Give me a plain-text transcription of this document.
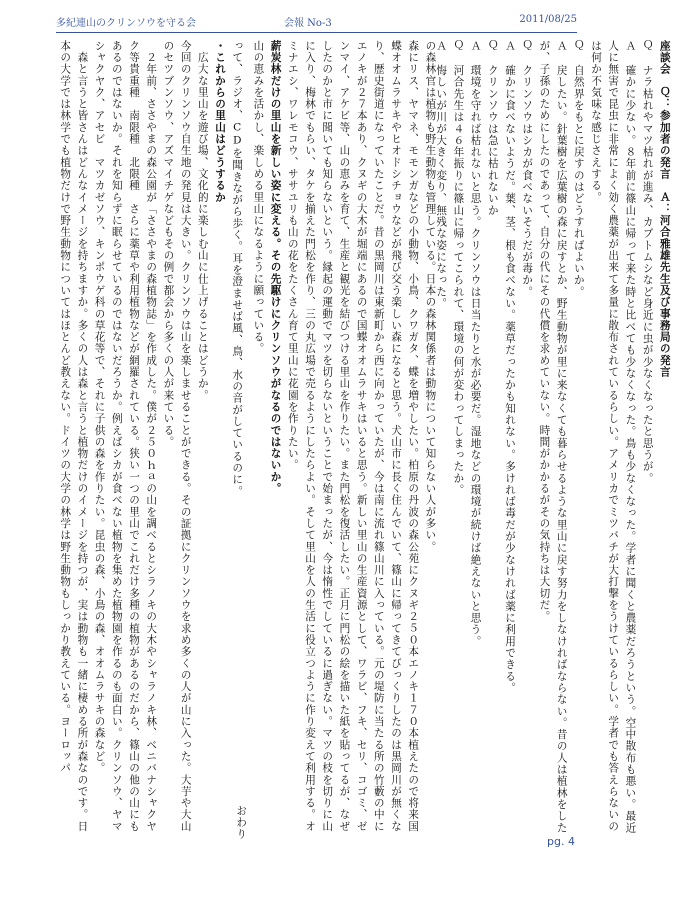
多紀連山のクリンソウを守る会	会報 No-3	2011/08/25

座談会　Ｑ：参加者の発言　Ａ：河合雅雄先生及び事務局の発言

Ｑ ナラ枯れやマツ枯れが進み、カブトムシなど身近に虫が少なくなったと思うが。

Ａ 確かに少ない。８年前に篠山に帰って来た時と比べても少なくなった。鳥も少なくなった。学者に聞くと農薬だろうという。空中散布も悪い。最近人に無害で昆虫に非常によく効く農薬が出来て多量に散布されているらしい。アメリカでミツバチが大打撃をうけているらしい。学者でも答えらないのは何か不気味な感じさえする。

Ｑ 自然界をもとに戻すのはどうすればよいか。

Ａ 戻したい。針葉樹を広葉樹の森に戻すとか、野生動物が里に来なくても暮らせるような里山に戻す努力をしなければならない。昔の人は植林をしたが、子孫のためにしたのであって、自分の代にその代償を求めていない。時間がかかるがその気持ちは大切だ。

Ｑ クリンソウはシカが食べないそうだが毒か。

Ａ 確かに食べないようだ。葉、茎、根も食べない。薬草だったかも知れない。多ければ毒だが少なければ薬に利用できる。

Ｑ クリンソウは急に枯れないか

Ａ 環境を守れば枯れないと思う。クリンソウは日当たりと水が必要だ。湿地などの環境が続けば絶えないと思う。

Ｑ 河合先生は４６年振りに篠山に帰ってこられて、環境の何が変わってしまったか。

Ａ 悔しいが川が大きく変り、無残な姿になった。

の森林官は植物も野生動物も管理している。日本の森林関係者は動物について知らない人が多い。

森にリス、ヤマネ、モモンガなどの小動物、小鳥、クワガタ、蝶を増やしたい。柏原の丹波の森公苑にクヌギ２５０本エノキ１７０本植えたので将来国蝶オオムラサキやヒオドシチョウなどが飛び交う楽しい森になると思う。犬山市に長く住んでいて、篠山に帰ってきてびっくりしたのは黒岡川が無くなり、歴史街道になっていたことだ。昔の黒岡川は東新町から西に向かっていたが、今は南に流れ篠山川に入っている。元の堤防に当たる所の竹藪の中にエノキが２７本あり、クヌギの大木が堀端にあるので国蝶オオムラサキはいると思う。新しい里山の生産資源として、ワラビ、フキ、セリ、コゴミ、ゼンマイ、アケビ等、山の恵みを育て、生産と観光を結びつける里山を作りたい。また門松を復活したい。正月に門松の絵を描いた紙を貼ってるが、なぜしたのかと市に聞いても知らないという。縁起の運動でマツを切らないということで始まったが、今は惰性でしているに過ぎない。マツの枝を切りに山に入り、梅林でもらい、タケを揃えた門松を作り、三の丸広場で売るようにしたらよい。そして里山を人の生活に役立つように作り変えて利用する。オミナエシ、ワレモコウ、ササユリも山の花をたくさん育て里山に花園を作りたい。

薪炭林だけの里山を新しい姿に変える。その先駆けにクリンソウがなるのではないか。

山の恵みを活かし、楽しめる里山になるように願っている。

おわり

って、ラジオ、CDを聞きながら歩く。耳を澄ませば風、鳥、水の音がしているのに。

・これからの里山はどうするか

　広大な里山を遊び場、文化的に楽しむ山に仕上げることはどうか。

今回のクリンソウ自生地の発見は大きい。クリンソウは山を楽しませることができる。その証拠にクリンソウを求め多くの人が山に入った。大芋や大山のセツブンソウ、アズマイチゲなどもその例で都会から多くの人が来ている。

　２年前、ささやまの森公園が「ささやまの森植物誌」を作成した。僕が２５０ｈａの山を調べるとシラノキの大木やシャラノキ林、ベニバナシャクヤク等貴重種　南限種　北限種　さらに薬草や利用植物などが網羅されている。狭い一つの里山でこれだけ多種の植物があるのだから、篠山の他の山にもあるのではないか。それを知らずに眠らせているのではないだろうか。例えばシカが食べない植物を集めた植物園を作るのも面白い。クリンソウ、ヤマシャクヤク、アセビ　マツカゼソウ、キンポウゲ科の草花等で、それに子供の森を作りたい。昆虫の森、小鳥の森、オオムラサキの森など。

　森と言うと皆さんはどんなイメージを持ちますか。多くの人は森と言うと植物だけのイメージを持つが、実は動物も一緒に棲める所が森なのです。日本の大学では林学でも植物だけで野生動物についてはほとんど教えない。ドイツの大学の林学は野生動物もしっかり教えている。ヨーロッパ

pg. 4
